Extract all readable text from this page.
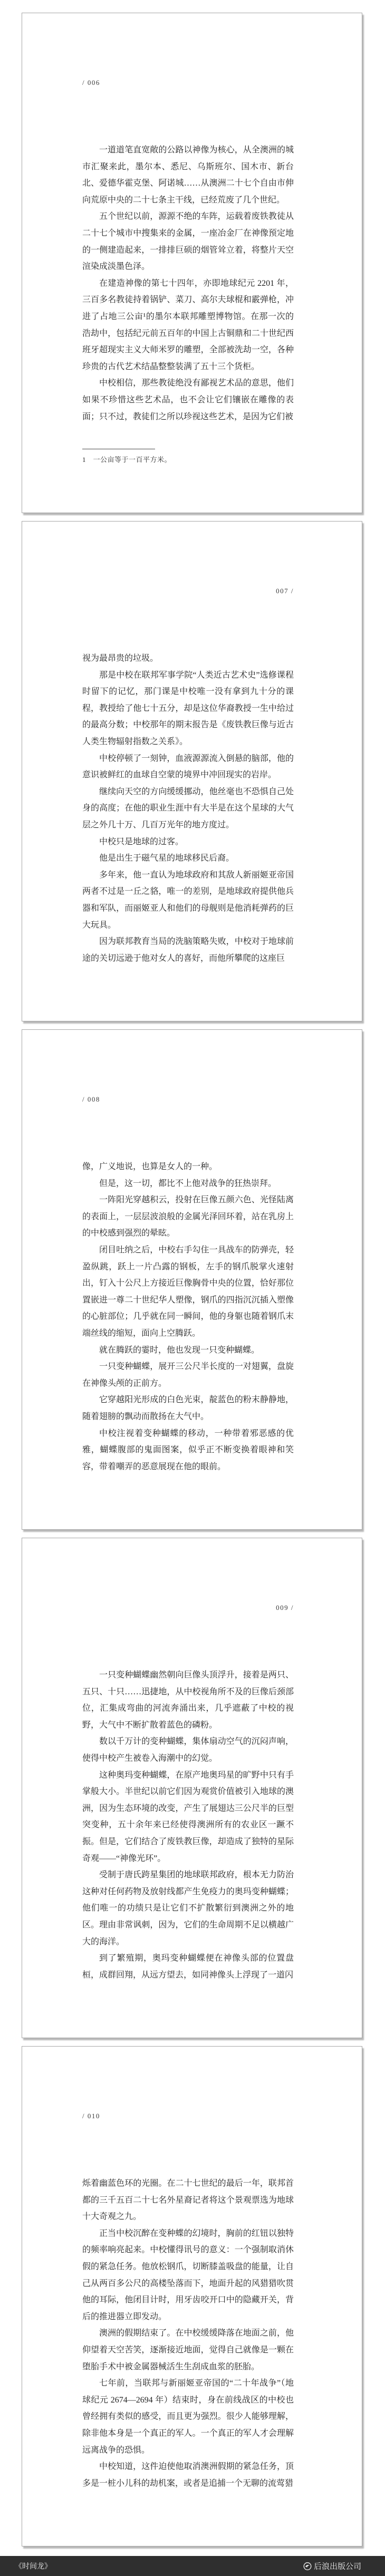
/ 006

一道道笔直宽敞的公路以神像为核心，从全澳洲的城市汇聚来此，墨尔本、悉尼、乌斯班尔、国木市、新台北、爱德华霍克堡、阿诺城……从澳洲二十七个自由市伸向荒原中央的二十七条主干线，已经荒废了几个世纪。

五个世纪以前，源源不绝的车阵，运载着废铁教徒从二十七个城市中搜集来的金属，一座冶金厂在神像预定地的一侧建造起来，一排排巨硕的烟管耸立着，将整片天空渲染成淡墨色泽。

在建造神像的第七十四年，亦即地球纪元 2201 年，三百多名教徒持着锅铲、菜刀、高尔夫球棍和霰弹枪，冲进了占地三公亩¹的墨尔本联邦雕塑博物馆。在那一次的浩劫中，包括纪元前五百年的中国上古铜鼎和二十世纪西班牙超现实主义大师米罗的雕塑，全部被洗劫一空，各种珍贵的古代艺术结晶整整装满了五十三个货柜。

中校相信，那些教徒绝没有鄙视艺术品的意思，他们如果不珍惜这些艺术品，也不会让它们镶嵌在雕像的表面；只不过，教徒们之所以珍视这些艺术，是因为它们被

1　一公亩等于一百平方米。
007 /

视为最昂贵的垃圾。

那是中校在联邦军事学院“人类近古艺术史”选修课程时留下的记忆，那门课是中校唯一没有拿到九十分的课程，教授给了他七十五分，却是这位华裔教授一生中给过的最高分数；中校那年的期末报告是《废铁教巨像与近古人类生物辐射指数之关系》。

中校停顿了一刻钟，血液源源流入倒悬的脑部，他的意识被鲜红的血球自空蒙的境界中冲回现实的岩岸。

继续向天空的方向缓缓挪动，他丝毫也不恐惧自己处身的高度；在他的职业生涯中有大半是在这个星球的大气层之外几十万、几百万光年的地方度过。

中校只是地球的过客。

他是出生于磁气星的地球移民后裔。

多年来，他一直认为地球政府和其敌人新丽姬亚帝国两者不过是一丘之貉，唯一的差别，是地球政府提供他兵器和军队，而丽姬亚人和他们的母舰则是他消耗弹药的巨大玩具。

因为联邦教育当局的洗脑策略失败，中校对于地球前途的关切远逊于他对女人的喜好，而他所攀爬的这座巨

/ 008

像，广义地说，也算是女人的一种。

但是，这一切，都比不上他对战争的狂热崇拜。

一阵阳光穿越积云，投射在巨像五颜六色、光怪陆离的表面上，一层层波浪般的金属光泽回环着，站在乳房上的中校感到强烈的晕眩。

闭目吐纳之后，中校右手勾住一具战车的防弹壳，轻盈纵跳，跃上一片凸露的钢板，左手的钢爪脱掌火速射出，钉入十公尺上方接近巨像胸骨中央的位置，恰好那位置嵌进一尊二十世纪华人塑像，钢爪的四指沉沉插入塑像的心脏部位；几乎就在同一瞬间，他的身躯也随着钢爪末端丝线的缩短，面向上空腾跃。

就在腾跃的霎时，他也发现一只变种蝴蝶。

一只变种蝴蝶，展开三公尺半长度的一对翅翼，盘旋在神像头颅的正前方。

它穿越阳光形成的白色光束，靛蓝色的粉末静静地，随着翅膀的飘动而散扬在大气中。

中校注视着变种蝴蝶的移动，一种带着邪恶感的优雅，蝴蝶腹部的鬼面图案，似乎正不断变换着眼神和笑容，带着嘲弄的恶意展现在他的眼前。

009 /

一只变种蝴蝶幽然朝向巨像头顶浮升，接着是两只、五只、十只……迅捷地，从中校视角所不及的巨像后颈部位，汇集成弯曲的河流奔涌出来，几乎遮蔽了中校的视野，大气中不断扩散着蓝色的磷粉。

数以千万计的变种蝴蝶，集体扇动空气的沉闷声响，使得中校产生被卷入海潮中的幻觉。

这种奥玛变种蝴蝶，在原产地奥玛星的旷野中只有手掌般大小。半世纪以前它们因为观赏价值被引入地球的澳洲，因为生态环境的改变，产生了展翅达三公尺半的巨型突变种，五十余年来已经使得澳洲所有的农业区一蹶不振。但是，它们结合了废铁教巨像，却造成了独特的星际奇观——“神像光环”。

受制于唐氏跨星集团的地球联邦政府，根本无力防治这种对任何药物及放射线都产生免疫力的奥玛变种蝴蝶；他们唯一的功绩只是让它们不扩散繁衍到澳洲之外的地区。理由非常讽刺，因为，它们的生命周期不足以横越广大的海洋。

到了繁殖期，奥玛变种蝴蝶便在神像头部的位置盘桓，成群回翔，从远方望去，如同神像头上浮现了一道闪

/ 010

烁着幽蓝色环的光圈。在二十七世纪的最后一年，联邦首都的三千五百二十七名外星裔记者将这个景观票选为地球十大奇观之九。

正当中校沉醉在变种蝶的幻境时，胸前的红钮以独特的频率响亮起来。中校懂得讯号的意义：一个强制取消休假的紧急任务。他放松钢爪，切断膝盖吸盘的能量，让自己从两百多公尺的高楼坠落而下，地面升起的风猎猎吹贯他的耳际，他闭目计时，用牙齿咬开口中的隐藏开关，背后的推进器立即发动。

澳洲的假期结束了。在中校缓缓降落在地面之前，他仰望着天空苦笑，逐渐接近地面，觉得自己就像是一颗在堕胎手术中被金属器械活生生刮成血浆的胚胎。

七年前，当联邦与新丽姬亚帝国的“二十年战争”（地球纪元 2674—2694 年）结束时，身在前线战区的中校也曾经拥有类似的感受，而且更为强烈。很少人能够理解，除非他本身是一个真正的军人。一个真正的军人才会理解远离战争的恐惧。

中校知道，这件迫使他取消澳洲假期的紧急任务，顶多是一桩小儿科的劫机案，或者是追捕一个无聊的流莺猎

《时间龙》	后浪出版公司
